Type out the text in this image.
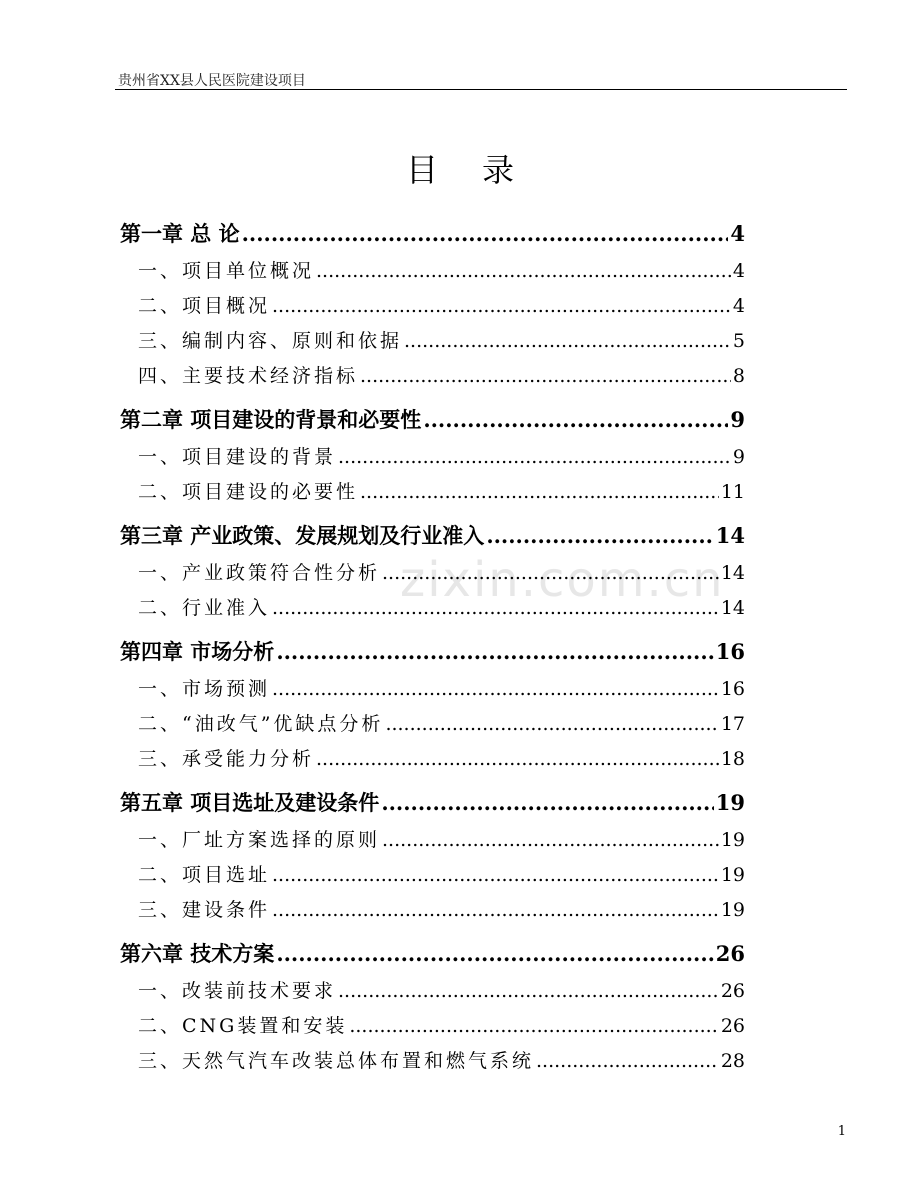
贵州省XX县人民医院建设项目
目录
zixin.com.cn
第一章 总 论 .....	4
一、项目单位概况 .....	4
二、项目概况 .....	4
三、编制内容、原则和依据 .....	5
四、主要技术经济指标 .....	8
第二章 项目建设的背景和必要性 .....	9
一、项目建设的背景 .....	9
二、项目建设的必要性 .....	11
第三章 产业政策、发展规划及行业准入 .....	14
一、产业政策符合性分析 .....	14
二、行业准入 .....	14
第四章 市场分析 .....	16
一、市场预测 .....	16
二、“油改气”优缺点分析 .....	17
三、承受能力分析 .....	18
第五章 项目选址及建设条件 .....	19
一、厂址方案选择的原则 .....	19
二、项目选址 .....	19
三、建设条件 .....	19
第六章 技术方案 .....	26
一、改装前技术要求 .....	26
二、CNG装置和安装 .....	26
三、天然气汽车改装总体布置和燃气系统 .....	28
1
